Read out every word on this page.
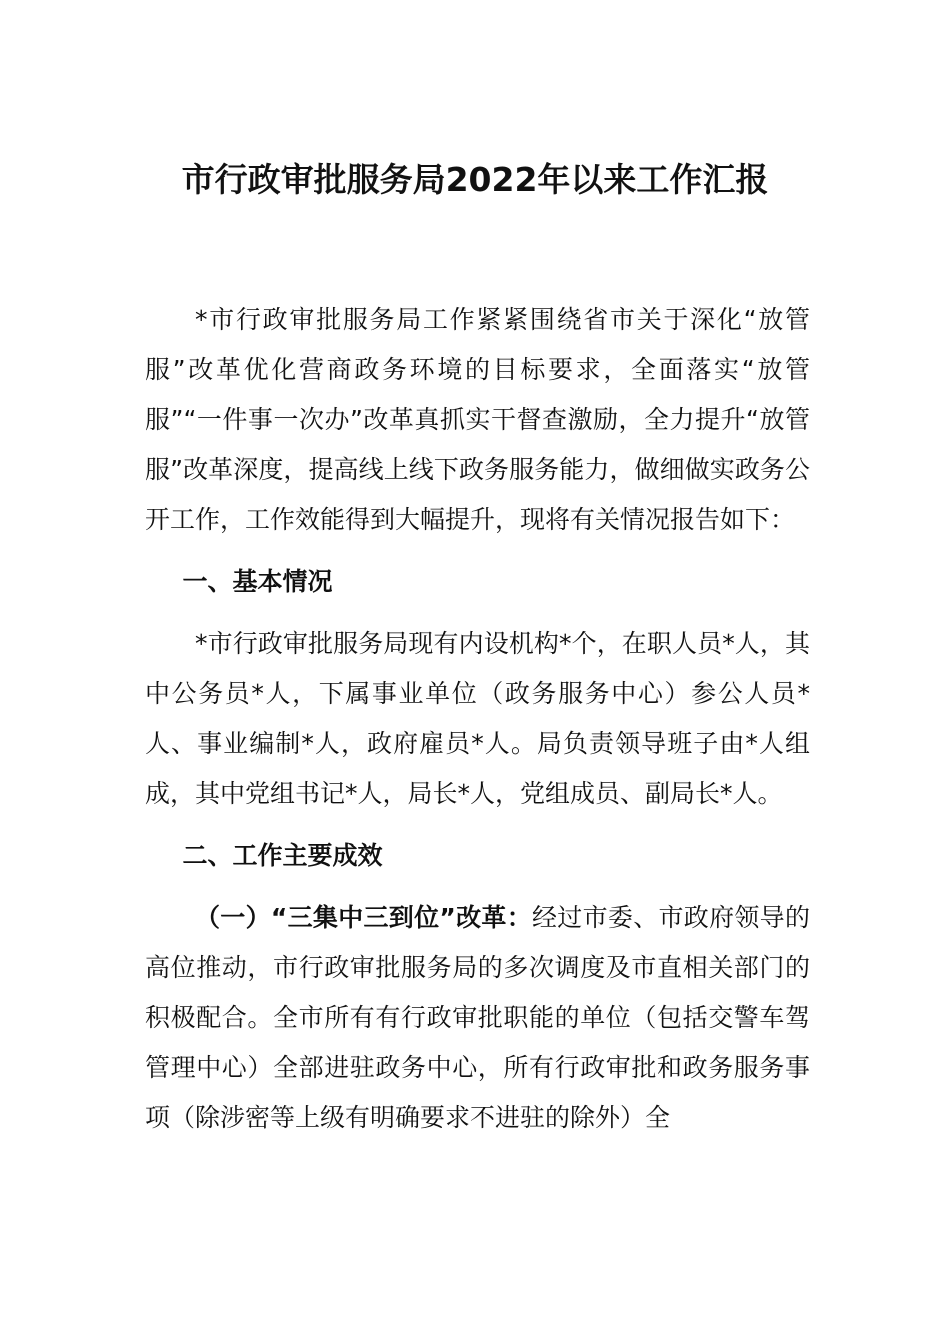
市行政审批服务局2022年以来工作汇报

*市行政审批服务局工作紧紧围绕省市关于深化“放管服”改革优化营商政务环境的目标要求，全面落实“放管服”“一件事一次办”改革真抓实干督查激励，全力提升“放管服”改革深度，提高线上线下政务服务能力，做细做实政务公开工作，工作效能得到大幅提升，现将有关情况报告如下：

一、基本情况

*市行政审批服务局现有内设机构*个，在职人员*人，其中公务员*人，下属事业单位（政务服务中心）参公人员*人、事业编制*人，政府雇员*人。局负责领导班子由*人组成，其中党组书记*人，局长*人，党组成员、副局长*人。

二、工作主要成效

（一）“三集中三到位”改革：经过市委、市政府领导的高位推动，市行政审批服务局的多次调度及市直相关部门的积极配合。全市所有有行政审批职能的单位（包括交警车驾管理中心）全部进驻政务中心，所有行政审批和政务服务事项（除涉密等上级有明确要求不进驻的除外）全
